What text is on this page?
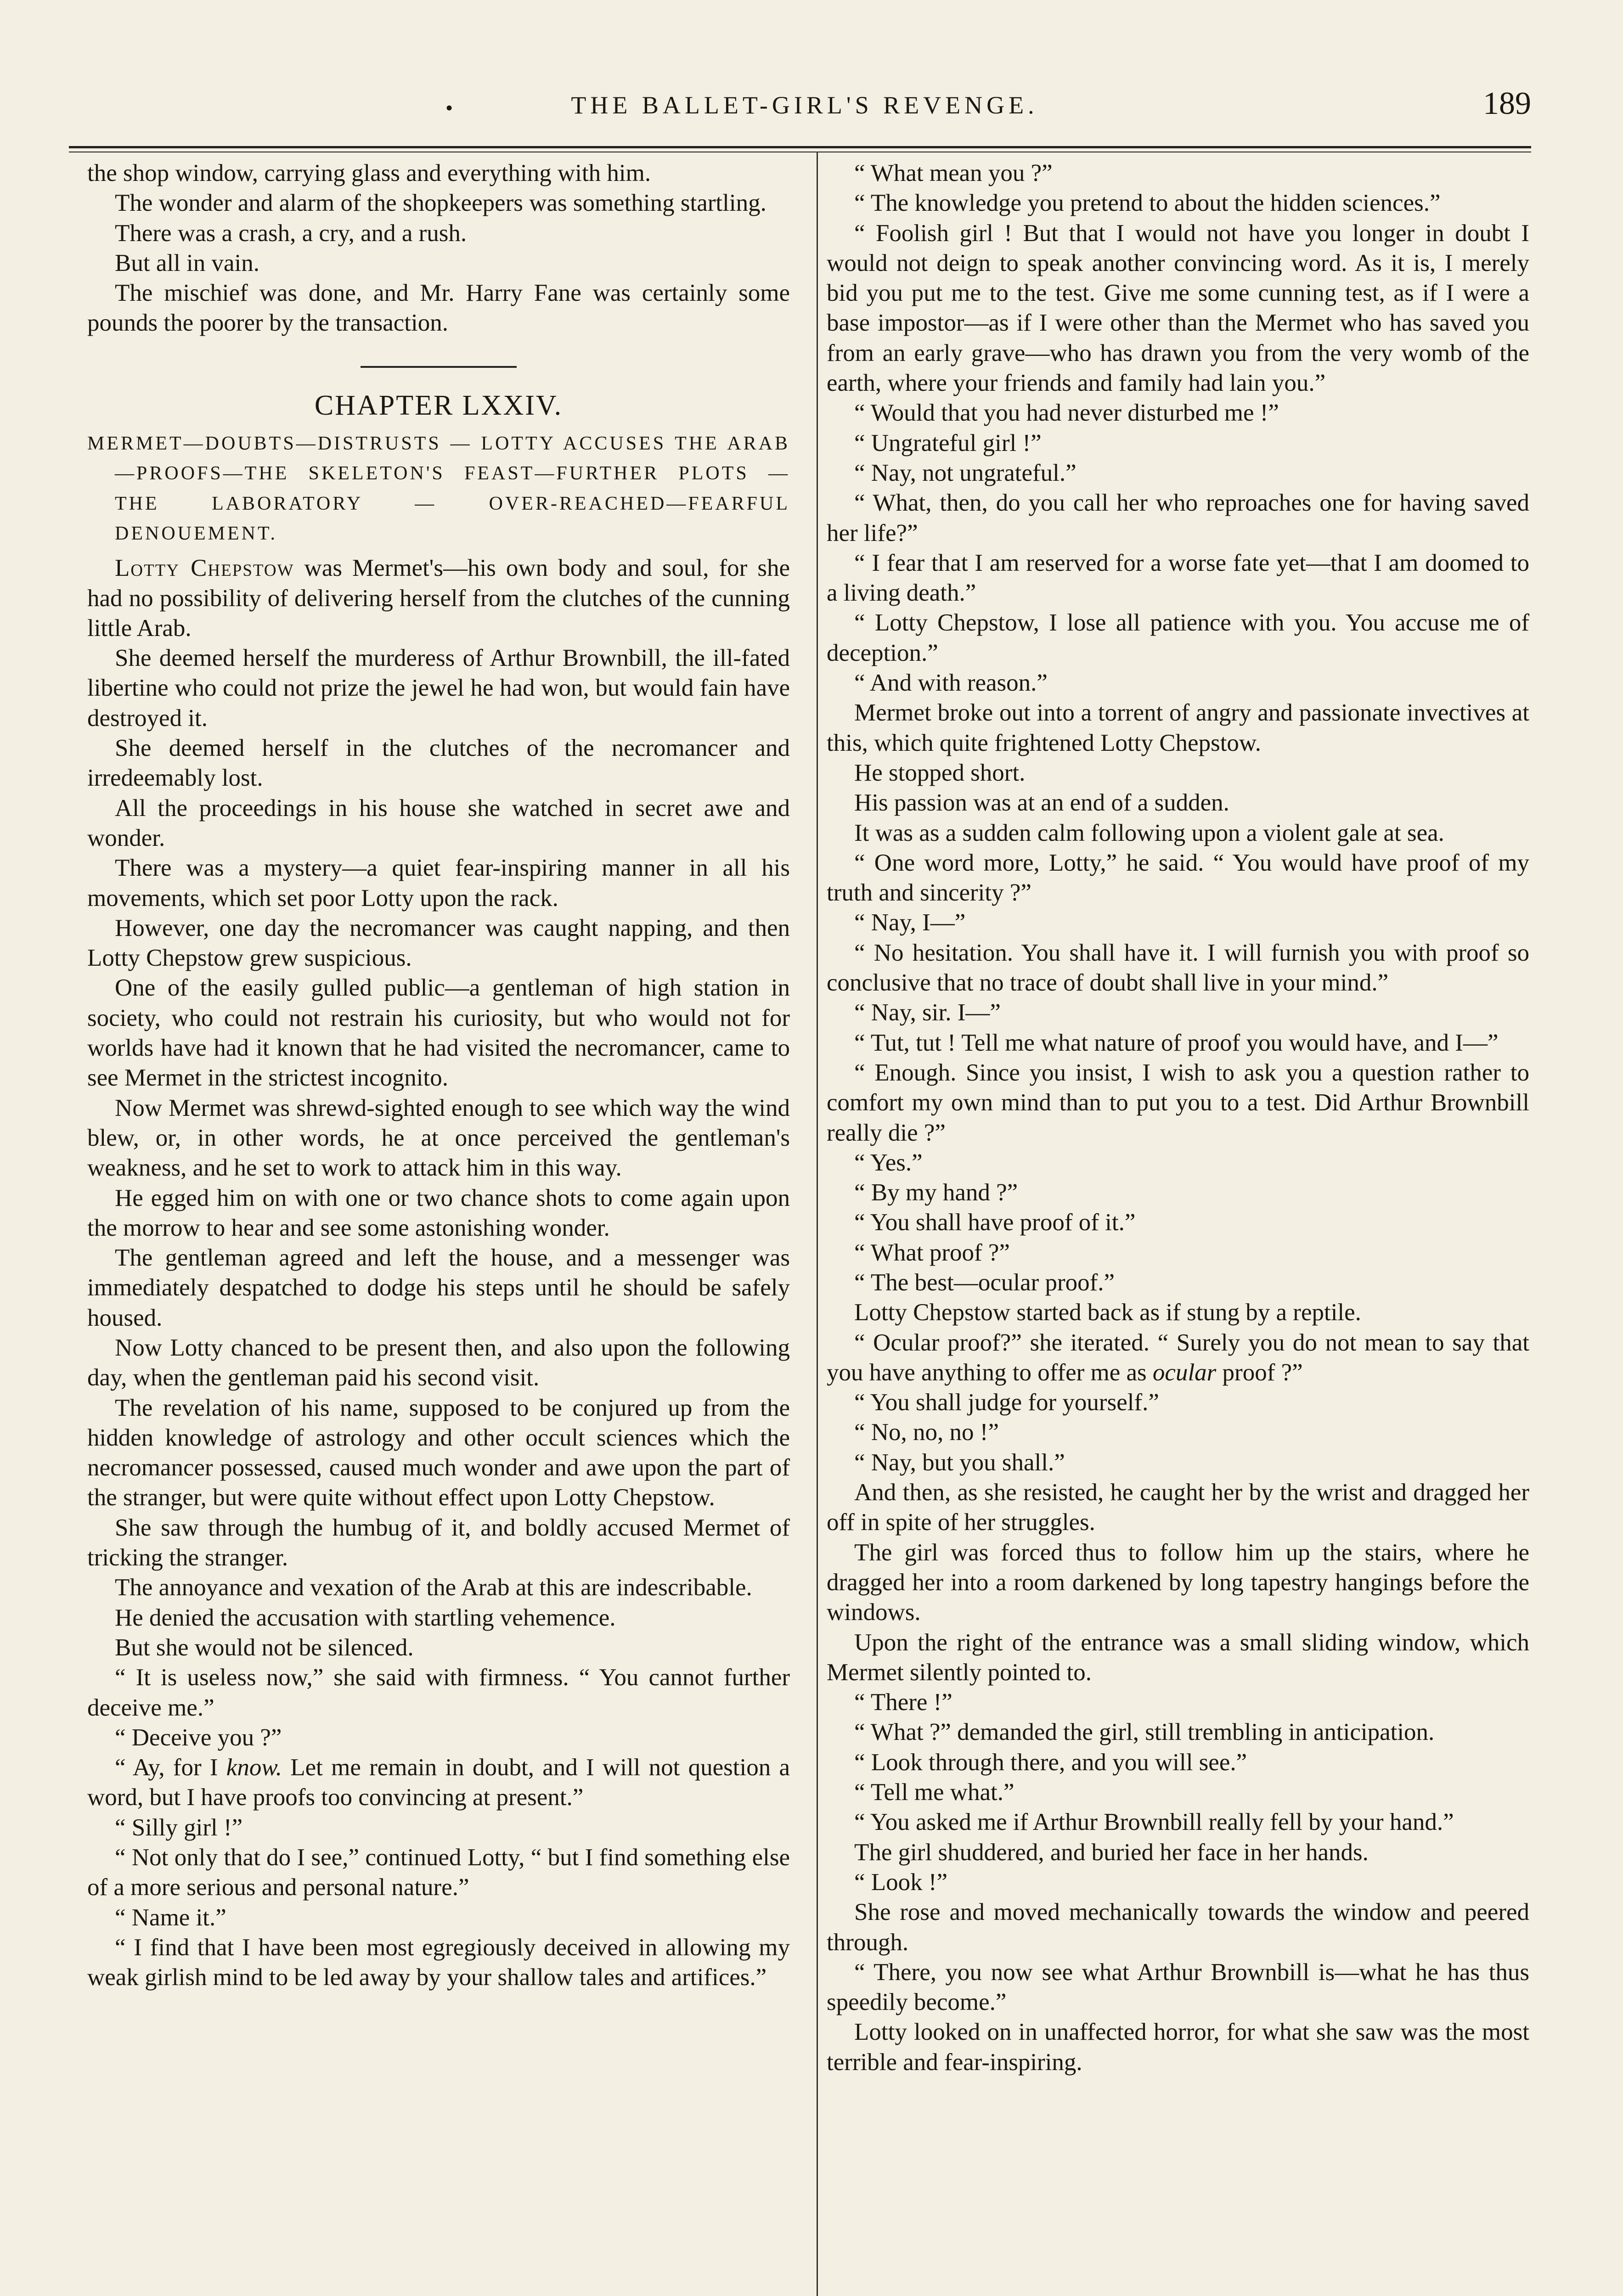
•	THE BALLET-GIRL'S REVENGE.	189

the shop window, carrying glass and everything with him.

The wonder and alarm of the shopkeepers was something startling.

There was a crash, a cry, and a rush.

But all in vain.

The mischief was done, and Mr. Harry Fane was certainly some pounds the poorer by the transaction.

CHAPTER LXXIV.
MERMET—DOUBTS—DISTRUSTS — LOTTY ACCUSES THE ARAB—PROOFS—THE SKELETON'S FEAST—FURTHER PLOTS — THE LABORATORY — OVER-REACHED—FEARFUL DENOUEMENT.

Lotty Chepstow was Mermet's—his own body and soul, for she had no possibility of delivering herself from the clutches of the cunning little Arab.

She deemed herself the murderess of Arthur Brownbill, the ill-fated libertine who could not prize the jewel he had won, but would fain have destroyed it.

She deemed herself in the clutches of the necromancer and irredeemably lost.

All the proceedings in his house she watched in secret awe and wonder.

There was a mystery—a quiet fear-inspiring manner in all his movements, which set poor Lotty upon the rack.

However, one day the necromancer was caught napping, and then Lotty Chepstow grew suspicious.

One of the easily gulled public—a gentleman of high station in society, who could not restrain his curiosity, but who would not for worlds have had it known that he had visited the necromancer, came to see Mermet in the strictest incognito.

Now Mermet was shrewd-sighted enough to see which way the wind blew, or, in other words, he at once perceived the gentleman's weakness, and he set to work to attack him in this way.

He egged him on with one or two chance shots to come again upon the morrow to hear and see some astonishing wonder.

The gentleman agreed and left the house, and a messenger was immediately despatched to dodge his steps until he should be safely housed.

Now Lotty chanced to be present then, and also upon the following day, when the gentleman paid his second visit.

The revelation of his name, supposed to be conjured up from the hidden knowledge of astrology and other occult sciences which the necromancer possessed, caused much wonder and awe upon the part of the stranger, but were quite without effect upon Lotty Chepstow.

She saw through the humbug of it, and boldly accused Mermet of tricking the stranger.

The annoyance and vexation of the Arab at this are indescribable.

He denied the accusation with startling vehemence.

But she would not be silenced.

“ It is useless now,” she said with firmness. “ You cannot further deceive me.”

“ Deceive you ?”

“ Ay, for I know. Let me remain in doubt, and I will not question a word, but I have proofs too convincing at present.”

“ Silly girl !”

“ Not only that do I see,” continued Lotty, “ but I find something else of a more serious and personal nature.”

“ Name it.”

“ I find that I have been most egregiously deceived in allowing my weak girlish mind to be led away by your shallow tales and artifices.”

“ What mean you ?”

“ The knowledge you pretend to about the hidden sciences.”

“ Foolish girl ! But that I would not have you longer in doubt I would not deign to speak another convincing word. As it is, I merely bid you put me to the test. Give me some cunning test, as if I were a base impostor—as if I were other than the Mermet who has saved you from an early grave—who has drawn you from the very womb of the earth, where your friends and family had lain you.”

“ Would that you had never disturbed me !”

“ Ungrateful girl !”

“ Nay, not ungrateful.”

“ What, then, do you call her who reproaches one for having saved her life?”

“ I fear that I am reserved for a worse fate yet—that I am doomed to a living death.”

“ Lotty Chepstow, I lose all patience with you. You accuse me of deception.”

“ And with reason.”

Mermet broke out into a torrent of angry and passionate invectives at this, which quite frightened Lotty Chepstow.

He stopped short.

His passion was at an end of a sudden.

It was as a sudden calm following upon a violent gale at sea.

“ One word more, Lotty,” he said. “ You would have proof of my truth and sincerity ?”

“ Nay, I—”

“ No hesitation. You shall have it. I will furnish you with proof so conclusive that no trace of doubt shall live in your mind.”

“ Nay, sir. I—”

“ Tut, tut ! Tell me what nature of proof you would have, and I—”

“ Enough. Since you insist, I wish to ask you a question rather to comfort my own mind than to put you to a test. Did Arthur Brownbill really die ?”

“ Yes.”

“ By my hand ?”

“ You shall have proof of it.”

“ What proof ?”

“ The best—ocular proof.”

Lotty Chepstow started back as if stung by a reptile.

“ Ocular proof?” she iterated. “ Surely you do not mean to say that you have anything to offer me as ocular proof ?”

“ You shall judge for yourself.”

“ No, no, no !”

“ Nay, but you shall.”

And then, as she resisted, he caught her by the wrist and dragged her off in spite of her struggles.

The girl was forced thus to follow him up the stairs, where he dragged her into a room darkened by long tapestry hangings before the windows.

Upon the right of the entrance was a small sliding window, which Mermet silently pointed to.

“ There !”

“ What ?” demanded the girl, still trembling in anticipation.

“ Look through there, and you will see.”

“ Tell me what.”

“ You asked me if Arthur Brownbill really fell by your hand.”

The girl shuddered, and buried her face in her hands.

“ Look !”

She rose and moved mechanically towards the window and peered through.

“ There, you now see what Arthur Brownbill is—what he has thus speedily become.”

Lotty looked on in unaffected horror, for what she saw was the most terrible and fear-inspiring.
